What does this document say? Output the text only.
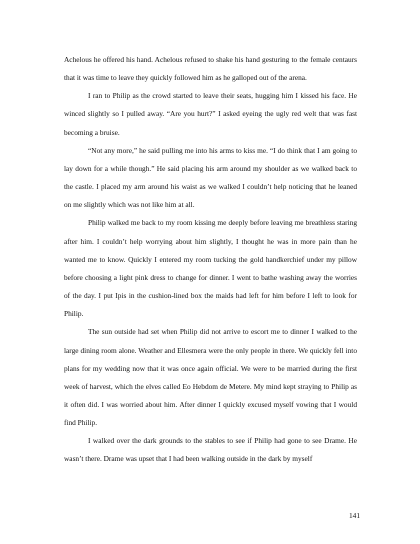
Achelous he offered his hand. Achelous refused to shake his hand gesturing to the female centaurs that it was time to leave they quickly followed him as he galloped out of the arena.

I ran to Philip as the crowd started to leave their seats, hugging him I kissed his face. He winced slightly so I pulled away. “Are you hurt?” I asked eyeing the ugly red welt that was fast becoming a bruise.

“Not any more,” he said pulling me into his arms to kiss me. “I do think that I am going to lay down for a while though.” He said placing his arm around my shoulder as we walked back to the castle. I placed my arm around his waist as we walked I couldn’t help noticing that he leaned on me slightly which was not like him at all.

Philip walked me back to my room kissing me deeply before leaving me breathless staring after him. I couldn’t help worrying about him slightly, I thought he was in more pain than he wanted me to know. Quickly I entered my room tucking the gold handkerchief under my pillow before choosing a light pink dress to change for dinner. I went to bathe washing away the worries of the day. I put Ipis in the cushion-lined box the maids had left for him before I left to look for Philip.

The sun outside had set when Philip did not arrive to escort me to dinner I walked to the large dining room alone. Weather and Ellesmera were the only people in there. We quickly fell into plans for my wedding now that it was once again official. We were to be married during the first week of harvest, which the elves called Eo Hebdom de Metere. My mind kept straying to Philip as it often did. I was worried about him. After dinner I quickly excused myself vowing that I would find Philip.

I walked over the dark grounds to the stables to see if Philip had gone to see Drame. He wasn’t there. Drame was upset that I had been walking outside in the dark by myself

141
